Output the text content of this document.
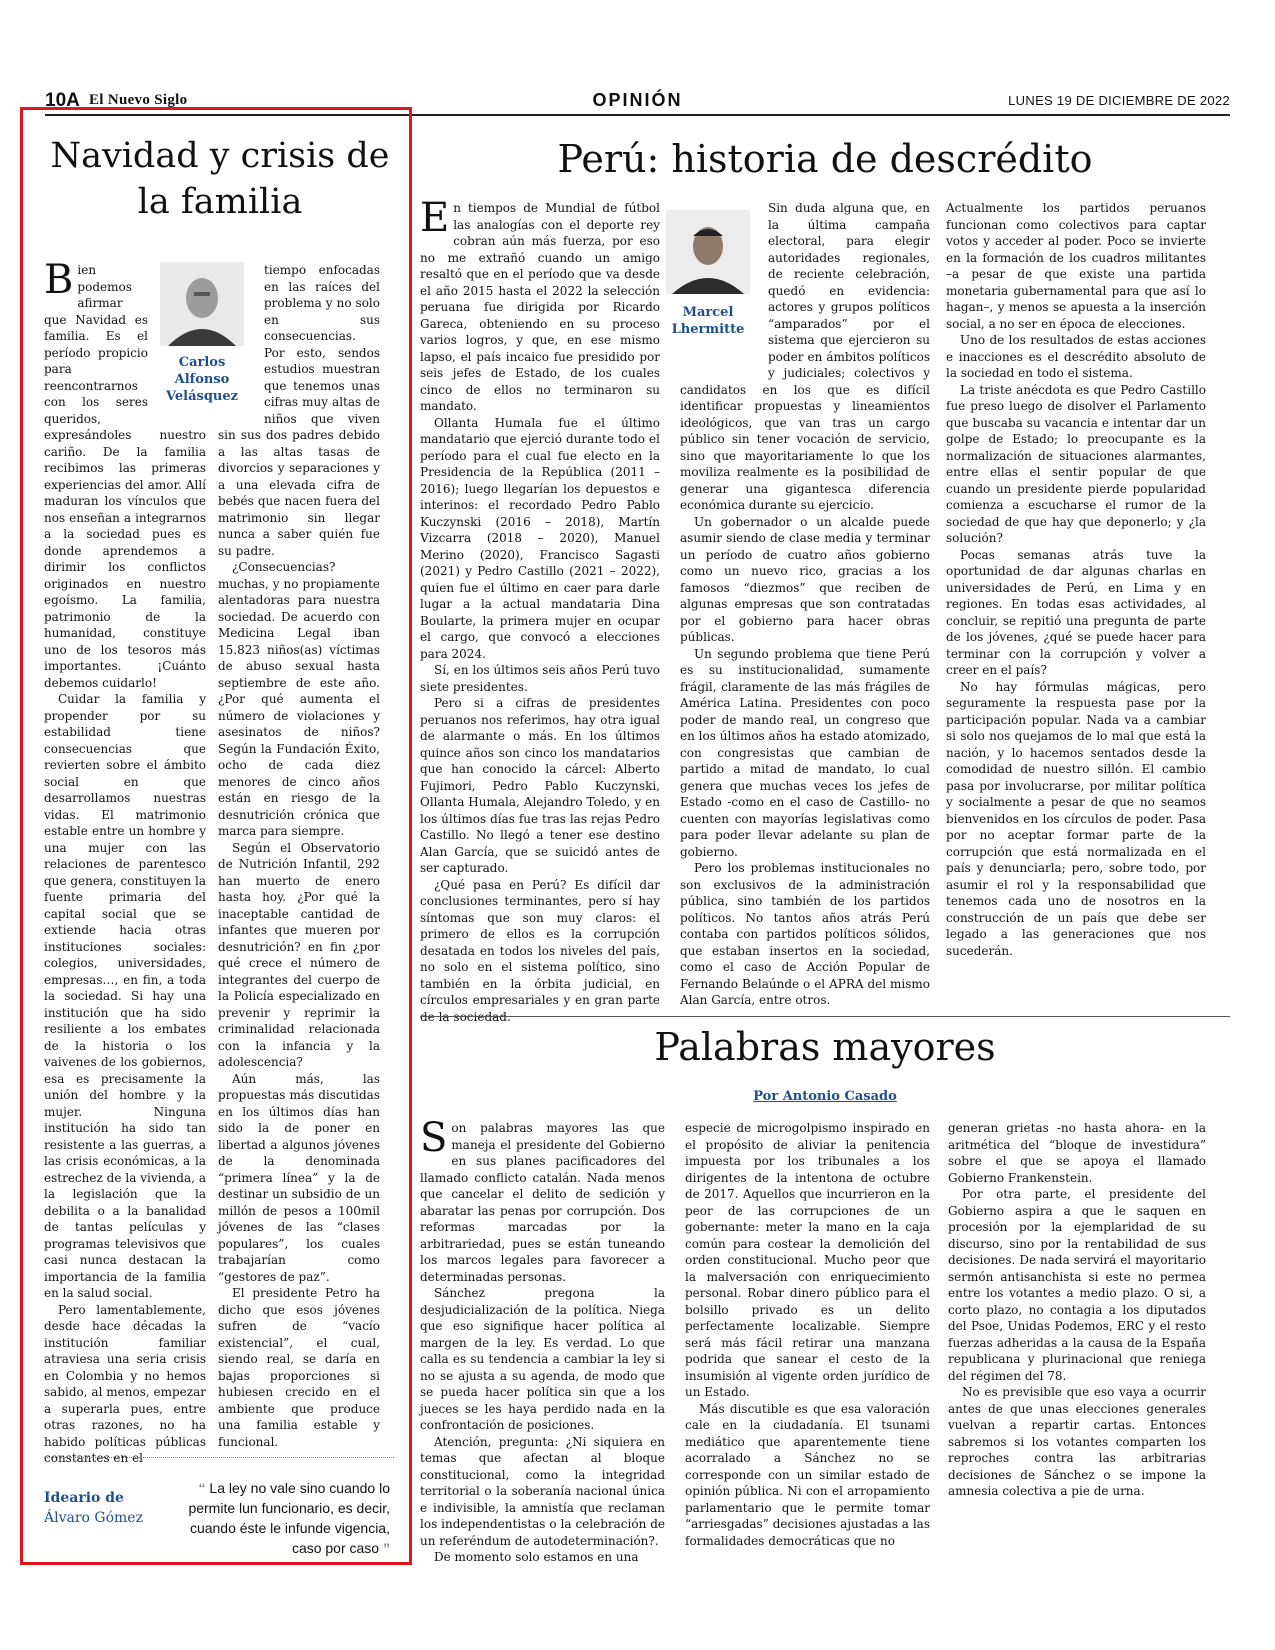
10A El Nuevo Siglo	OPINIÓN	LUNES 19 DE DICIEMBRE DE 2022
Navidad y crisis de la familia
Carlos Alfonso Velásquez

Bien podemos afirmar que Navidad es familia. Es el período propicio para reencontrarnos con los seres queridos, expresándoles nuestro cariño. De la familia recibimos las primeras experiencias del amor. Allí maduran los vínculos que nos enseñan a integrarnos a la sociedad pues es donde aprendemos a dirimir los conflictos originados en nuestro egoísmo. La familia, patrimonio de la humanidad, constituye uno de los tesoros más importantes. ¡Cuánto debemos cuidarlo!

Cuidar la familia y propender por su estabilidad tiene consecuencias que revierten sobre el ámbito social en que desarrollamos nuestras vidas. El matrimonio estable entre un hombre y una mujer con las relaciones de parentesco que genera, constituyen la fuente primaria del capital social que se extiende hacia otras instituciones sociales: colegios, universidades, empresas…, en fin, a toda la sociedad. Si hay una institución que ha sido resiliente a los embates de la historia o los vaivenes de los gobiernos, esa es precisamente la unión del hombre y la mujer. Ninguna institución ha sido tan resistente a las guerras, a las crisis económicas, a la estrechez de la vivienda, a la legislación que la debilita o a la banalidad de tantas películas y programas televisivos que casi nunca destacan la importancia de la familia en la salud social.

Pero lamentablemente, desde hace décadas la institución familiar atraviesa una seria crisis en Colombia y no hemos sabido, al menos, empezar a superarla pues, entre otras razones, no ha habido políticas públicas constantes en el

tiempo enfocadas en las raíces del problema y no solo en sus consecuencias. Por esto, sendos estudios muestran que tenemos unas cifras muy altas de niños que viven sin sus dos padres debido a las altas tasas de divorcios y separaciones y a una elevada cifra de bebés que nacen fuera del matrimonio sin llegar nunca a saber quién fue su padre.

¿Consecuencias? muchas, y no propiamente alentadoras para nuestra sociedad. De acuerdo con Medicina Legal iban 15.823 niños(as) víctimas de abuso sexual hasta septiembre de este año. ¿Por qué aumenta el número de violaciones y asesinatos de niños? Según la Fundación Éxito, ocho de cada diez menores de cinco años están en riesgo de la desnutrición crónica que marca para siempre.

Según el Observatorio de Nutrición Infantil, 292 han muerto de enero hasta hoy. ¿Por qué la inaceptable cantidad de infantes que mueren por desnutrición? en fin ¿por qué crece el número de integrantes del cuerpo de la Policía especializado en prevenir y reprimir la criminalidad relacionada con la infancia y la adolescencia?

Aún más, las propuestas más discutidas en los últimos días han sido la de poner en libertad a algunos jóvenes de la denominada “primera línea” y la de destinar un subsidio de un millón de pesos a 100mil jóvenes de las “clases populares”, los cuales trabajarían como “gestores de paz”.

El presidente Petro ha dicho que esos jóvenes sufren de “vacío existencial”, el cual, siendo real, se daría en bajas proporciones si hubiesen crecido en el ambiente que produce una familia estable y funcional.

Ideario de
Álvaro Gómez
“ La ley no vale sino cuando lo permite lun funcionario, es decir, cuando éste le infunde vigencia, caso por caso ”
Perú: historia de descrédito
Marcel Lhermitte

En tiempos de Mundial de fútbol las analogías con el deporte rey cobran aún más fuerza, por eso no me extrañó cuando un amigo resaltó que en el período que va desde el año 2015 hasta el 2022 la selección peruana fue dirigida por Ricardo Gareca, obteniendo en su proceso varios logros, y que, en ese mismo lapso, el país incaico fue presidido por seis jefes de Estado, de los cuales cinco de ellos no terminaron su mandato.

Ollanta Humala fue el último mandatario que ejerció durante todo el período para el cual fue electo en la Presidencia de la República (2011 – 2016); luego llegarían los depuestos e interinos: el recordado Pedro Pablo Kuczynski (2016 – 2018), Martín Vizcarra (2018 – 2020), Manuel Merino (2020), Francisco Sagasti (2021) y Pedro Castillo (2021 – 2022), quien fue el último en caer para darle lugar a la actual mandataria Dina Boularte, la primera mujer en ocupar el cargo, que convocó a elecciones para 2024.

Sí, en los últimos seis años Perú tuvo siete presidentes.

Pero si a cifras de presidentes peruanos nos referimos, hay otra igual de alarmante o más. En los últimos quince años son cinco los mandatarios que han conocido la cárcel: Alberto Fujimori, Pedro Pablo Kuczynski, Ollanta Humala, Alejandro Toledo, y en los últimos días fue tras las rejas Pedro Castillo. No llegó a tener ese destino Alan García, que se suicidó antes de ser capturado.

¿Qué pasa en Perú? Es difícil dar conclusiones terminantes, pero sí hay síntomas que son muy claros: el primero de ellos es la corrupción desatada en todos los niveles del país, no solo en el sistema político, sino también en la órbita judicial, en círculos empresariales y en gran parte de la sociedad.

Sin duda alguna que, en la última campaña electoral, para elegir autoridades regionales, de reciente celebración, quedó en evidencia: actores y grupos políticos “amparados” por el sistema que ejercieron su poder en ámbitos políticos y judiciales; colectivos y candidatos en los que es difícil identificar propuestas y lineamientos ideológicos, que van tras un cargo público sin tener vocación de servicio, sino que mayoritariamente lo que los moviliza realmente es la posibilidad de generar una gigantesca diferencia económica durante su ejercicio.

Un gobernador o un alcalde puede asumir siendo de clase media y terminar un período de cuatro años gobierno como un nuevo rico, gracias a los famosos “diezmos” que reciben de algunas empresas que son contratadas por el gobierno para hacer obras públicas.

Un segundo problema que tiene Perú es su institucionalidad, sumamente frágil, claramente de las más frágiles de América Latina. Presidentes con poco poder de mando real, un congreso que en los últimos años ha estado atomizado, con congresistas que cambian de partido a mitad de mandato, lo cual genera que muchas veces los jefes de Estado -como en el caso de Castillo- no cuenten con mayorías legislativas como para poder llevar adelante su plan de gobierno.

Pero los problemas institucionales no son exclusivos de la administración pública, sino también de los partidos políticos. No tantos años atrás Perú contaba con partidos políticos sólidos, que estaban insertos en la sociedad, como el caso de Acción Popular de Fernando Belaúnde o el APRA del mismo Alan García, entre otros.

Actualmente los partidos peruanos funcionan como colectivos para captar votos y acceder al poder. Poco se invierte en la formación de los cuadros militantes –a pesar de que existe una partida monetaria gubernamental para que así lo hagan–, y menos se apuesta a la inserción social, a no ser en época de elecciones.

Uno de los resultados de estas acciones e inacciones es el descrédito absoluto de la sociedad en todo el sistema.

La triste anécdota es que Pedro Castillo fue preso luego de disolver el Parlamento que buscaba su vacancia e intentar dar un golpe de Estado; lo preocupante es la normalización de situaciones alarmantes, entre ellas el sentir popular de que cuando un presidente pierde popularidad comienza a escucharse el rumor de la sociedad de que hay que deponerlo; y ¿la solución?

Pocas semanas atrás tuve la oportunidad de dar algunas charlas en universidades de Perú, en Lima y en regiones. En todas esas actividades, al concluir, se repitió una pregunta de parte de los jóvenes, ¿qué se puede hacer para terminar con la corrupción y volver a creer en el país?

No hay fórmulas mágicas, pero seguramente la respuesta pase por la participación popular. Nada va a cambiar si solo nos quejamos de lo mal que está la nación, y lo hacemos sentados desde la comodidad de nuestro sillón. El cambio pasa por involucrarse, por militar política y socialmente a pesar de que no seamos bienvenidos en los círculos de poder. Pasa por no aceptar formar parte de la corrupción que está normalizada en el país y denunciarla; pero, sobre todo, por asumir el rol y la responsabilidad que tenemos cada uno de nosotros en la construcción de un país que debe ser legado a las generaciones que nos sucederán.

Palabras mayores
Por Antonio Casado

Son palabras mayores las que maneja el presidente del Gobierno en sus planes pacificadores del llamado conflicto catalán. Nada menos que cancelar el delito de sedición y abaratar las penas por corrupción. Dos reformas marcadas por la arbitrariedad, pues se están tuneando los marcos legales para favorecer a determinadas personas.

Sánchez pregona la desjudicialización de la política. Niega que eso signifique hacer política al margen de la ley. Es verdad. Lo que calla es su tendencia a cambiar la ley si no se ajusta a su agenda, de modo que se pueda hacer política sin que a los jueces se les haya perdido nada en la confrontación de posiciones.

Atención, pregunta: ¿Ni siquiera en temas que afectan al bloque constitucional, como la integridad territorial o la soberanía nacional única e indivisible, la amnistía que reclaman los independentistas o la celebración de un referéndum de autodeterminación?.

De momento solo estamos en una

especie de microgolpismo inspirado en el propósito de aliviar la penitencia impuesta por los tribunales a los dirigentes de la intentona de octubre de 2017. Aquellos que incurrieron en la peor de las corrupciones de un gobernante: meter la mano en la caja común para costear la demolición del orden constitucional. Mucho peor que la malversación con enriquecimiento personal. Robar dinero público para el bolsillo privado es un delito perfectamente localizable. Siempre será más fácil retirar una manzana podrida que sanear el cesto de la insumisión al vigente orden jurídico de un Estado.

Más discutible es que esa valoración cale en la ciudadanía. El tsunami mediático que aparentemente tiene acorralado a Sánchez no se corresponde con un similar estado de opinión pública. Ni con el arropamiento parlamentario que le permite tomar “arriesgadas” decisiones ajustadas a las formalidades democráticas que no

generan grietas -no hasta ahora- en la aritmética del “bloque de investidura” sobre el que se apoya el llamado Gobierno Frankenstein.

Por otra parte, el presidente del Gobierno aspira a que le saquen en procesión por la ejemplaridad de su discurso, sino por la rentabilidad de sus decisiones. De nada servirá el mayoritario sermón antisanchista si este no permea entre los votantes a medio plazo. O si, a corto plazo, no contagia a los diputados del Psoe, Unidas Podemos, ERC y el resto fuerzas adheridas a la causa de la España republicana y plurinacional que reniega del régimen del 78.

No es previsible que eso vaya a ocurrir antes de que unas elecciones generales vuelvan a repartir cartas. Entonces sabremos si los votantes comparten los reproches contra las arbitrarias decisiones de Sánchez o se impone la amnesia colectiva a pie de urna.
